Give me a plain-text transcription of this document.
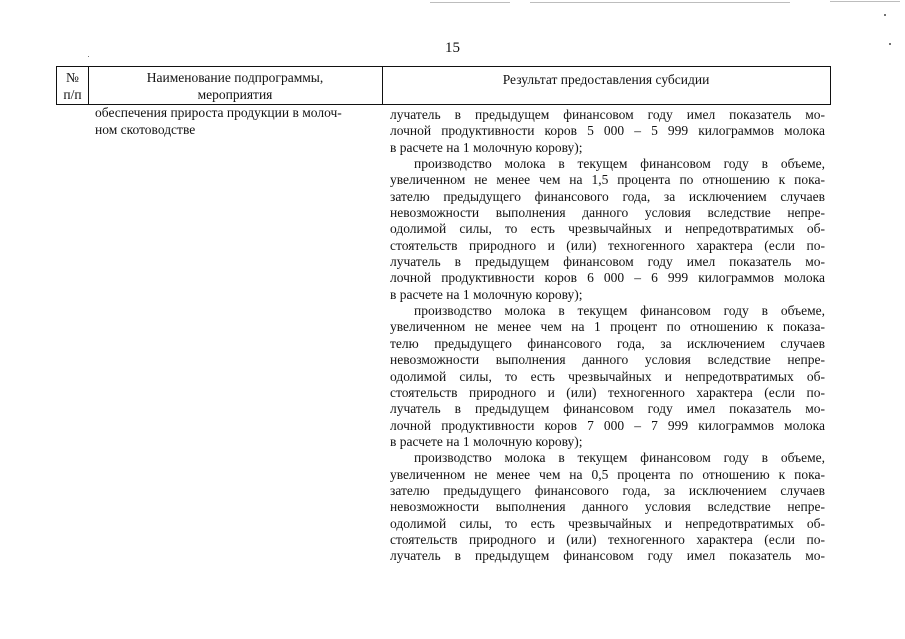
15
№
п/п
Наименование подпрограммы,
мероприятия
Результат предоставления субсидии
обеспечения прироста продукции в молоч-
ном скотоводстве
лучатель в предыдущем финансовом году имел показатель мо-
лочной продуктивности коров 5 000 – 5 999 килограммов молока
в расчете на 1 молочную корову);
производство молока в текущем финансовом году в объеме,
увеличенном не менее чем на 1,5 процента по отношению к пока-
зателю предыдущего финансового года, за исключением случаев
невозможности выполнения данного условия вследствие непре-
одолимой силы, то есть чрезвычайных и непредотвратимых об-
стоятельств природного и (или) техногенного характера (если по-
лучатель в предыдущем финансовом году имел показатель мо-
лочной продуктивности коров 6 000 – 6 999 килограммов молока
в расчете на 1 молочную корову);
производство молока в текущем финансовом году в объеме,
увеличенном не менее чем на 1 процент по отношению к показа-
телю предыдущего финансового года, за исключением случаев
невозможности выполнения данного условия вследствие непре-
одолимой силы, то есть чрезвычайных и непредотвратимых об-
стоятельств природного и (или) техногенного характера (если по-
лучатель в предыдущем финансовом году имел показатель мо-
лочной продуктивности коров 7 000 – 7 999 килограммов молока
в расчете на 1 молочную корову);
производство молока в текущем финансовом году в объеме,
увеличенном не менее чем на 0,5 процента по отношению к пока-
зателю предыдущего финансового года, за исключением случаев
невозможности выполнения данного условия вследствие непре-
одолимой силы, то есть чрезвычайных и непредотвратимых об-
стоятельств природного и (или) техногенного характера (если по-
лучатель в предыдущем финансовом году имел показатель мо-
